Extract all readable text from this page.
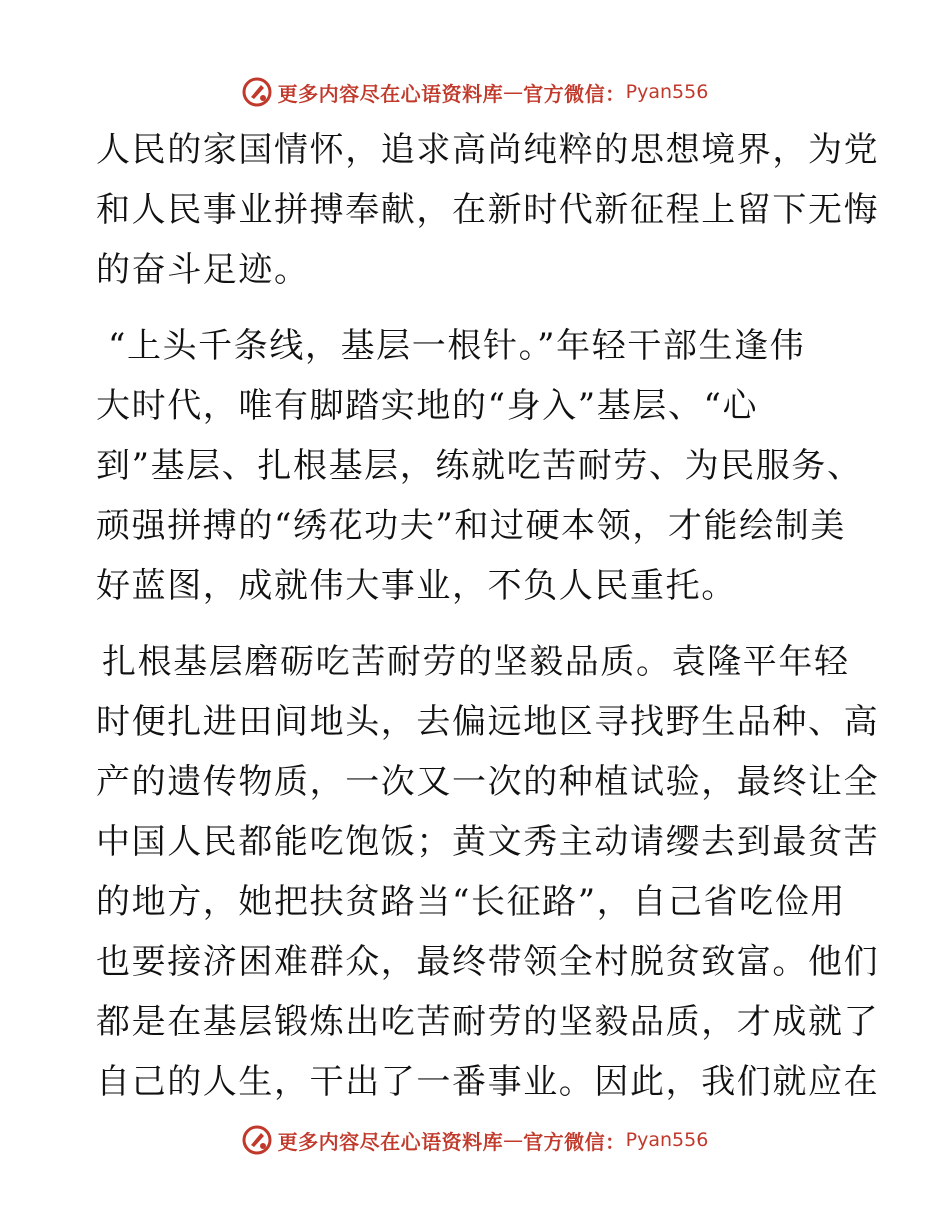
更多内容尽在心语资料库 — 官方微信： Pyan556
人民的家国情怀，追求高尚纯粹的思想境界，为党
和人民事业拼搏奉献，在新时代新征程上留下无悔
的奋斗足迹。
“上头千条线，基层一根针。”年轻干部生逢伟
大时代，唯有脚踏实地的“身入”基层、“心
到”基层、扎根基层，练就吃苦耐劳、为民服务、
顽强拼搏的“绣花功夫”和过硬本领，才能绘制美
好蓝图，成就伟大事业，不负人民重托。
扎根基层磨砺吃苦耐劳的坚毅品质。袁隆平年轻
时便扎进田间地头，去偏远地区寻找野生品种、高
产的遗传物质，一次又一次的种植试验，最终让全
中国人民都能吃饱饭；黄文秀主动请缨去到最贫苦
的地方，她把扶贫路当“长征路”，自己省吃俭用
也要接济困难群众，最终带领全村脱贫致富。他们
都是在基层锻炼出吃苦耐劳的坚毅品质，才成就了
自己的人生，干出了一番事业。因此，我们就应在
更多内容尽在心语资料库 — 官方微信： Pyan556
